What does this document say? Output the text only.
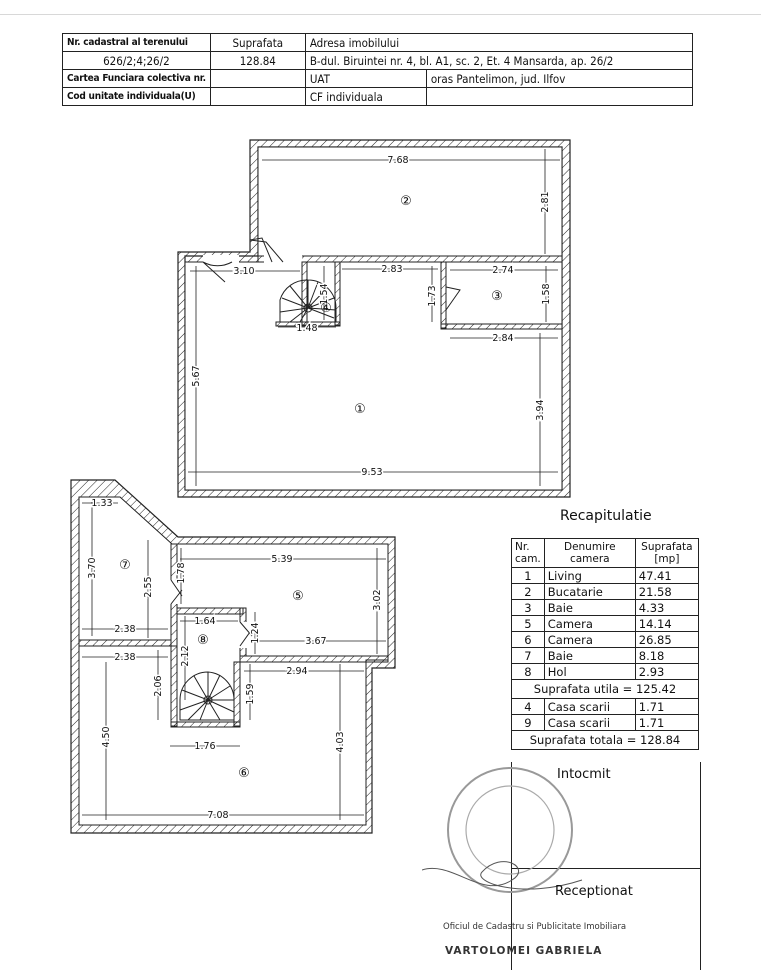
Nr. cadastral al terenului	Suprafata	Adresa imobilului	
626/2;4;26/2	128.84	B-dul. Biruintei nr. 4, bl. A1, sc. 2, Et. 4 Mansarda, ap. 26/2	
Cartea Funciara colectiva nr.		UAT	oras Pantelimon, jud. Ilfov
Cod unitate individuala(U)		CF individuala	
7.68
2.81
3.10	2.83	2.74
1.54	1.73	1.58
1.48
2.84
5.67
3.94
9.53
1.33
3.70
2.55
1.78
5.39
3.02
1.64
1.24	3.67
2.38
2.38	2.12
2.06	1.59
2.94
4.50	4.03
1.76
7.08
②
③
④
①
⑦
⑤
⑧
⑥
Recapitulatie
Nr. cam.	Denumire camera	Suprafata [mp]
1	Living	47.41
2	Bucatarie	21.58
3	Baie	4.33
5	Camera	14.14
6	Camera	26.85
7	Baie	8.18
8	Hol	2.93
Suprafata utila = 125.42		
4	Casa scarii	1.71
9	Casa scarii	1.71
Suprafata totala = 128.84		
Intocmit
Receptionat
Oficiul de Cadastru si Publicitate Imobiliara
VARTOLOMEI GABRIELA
